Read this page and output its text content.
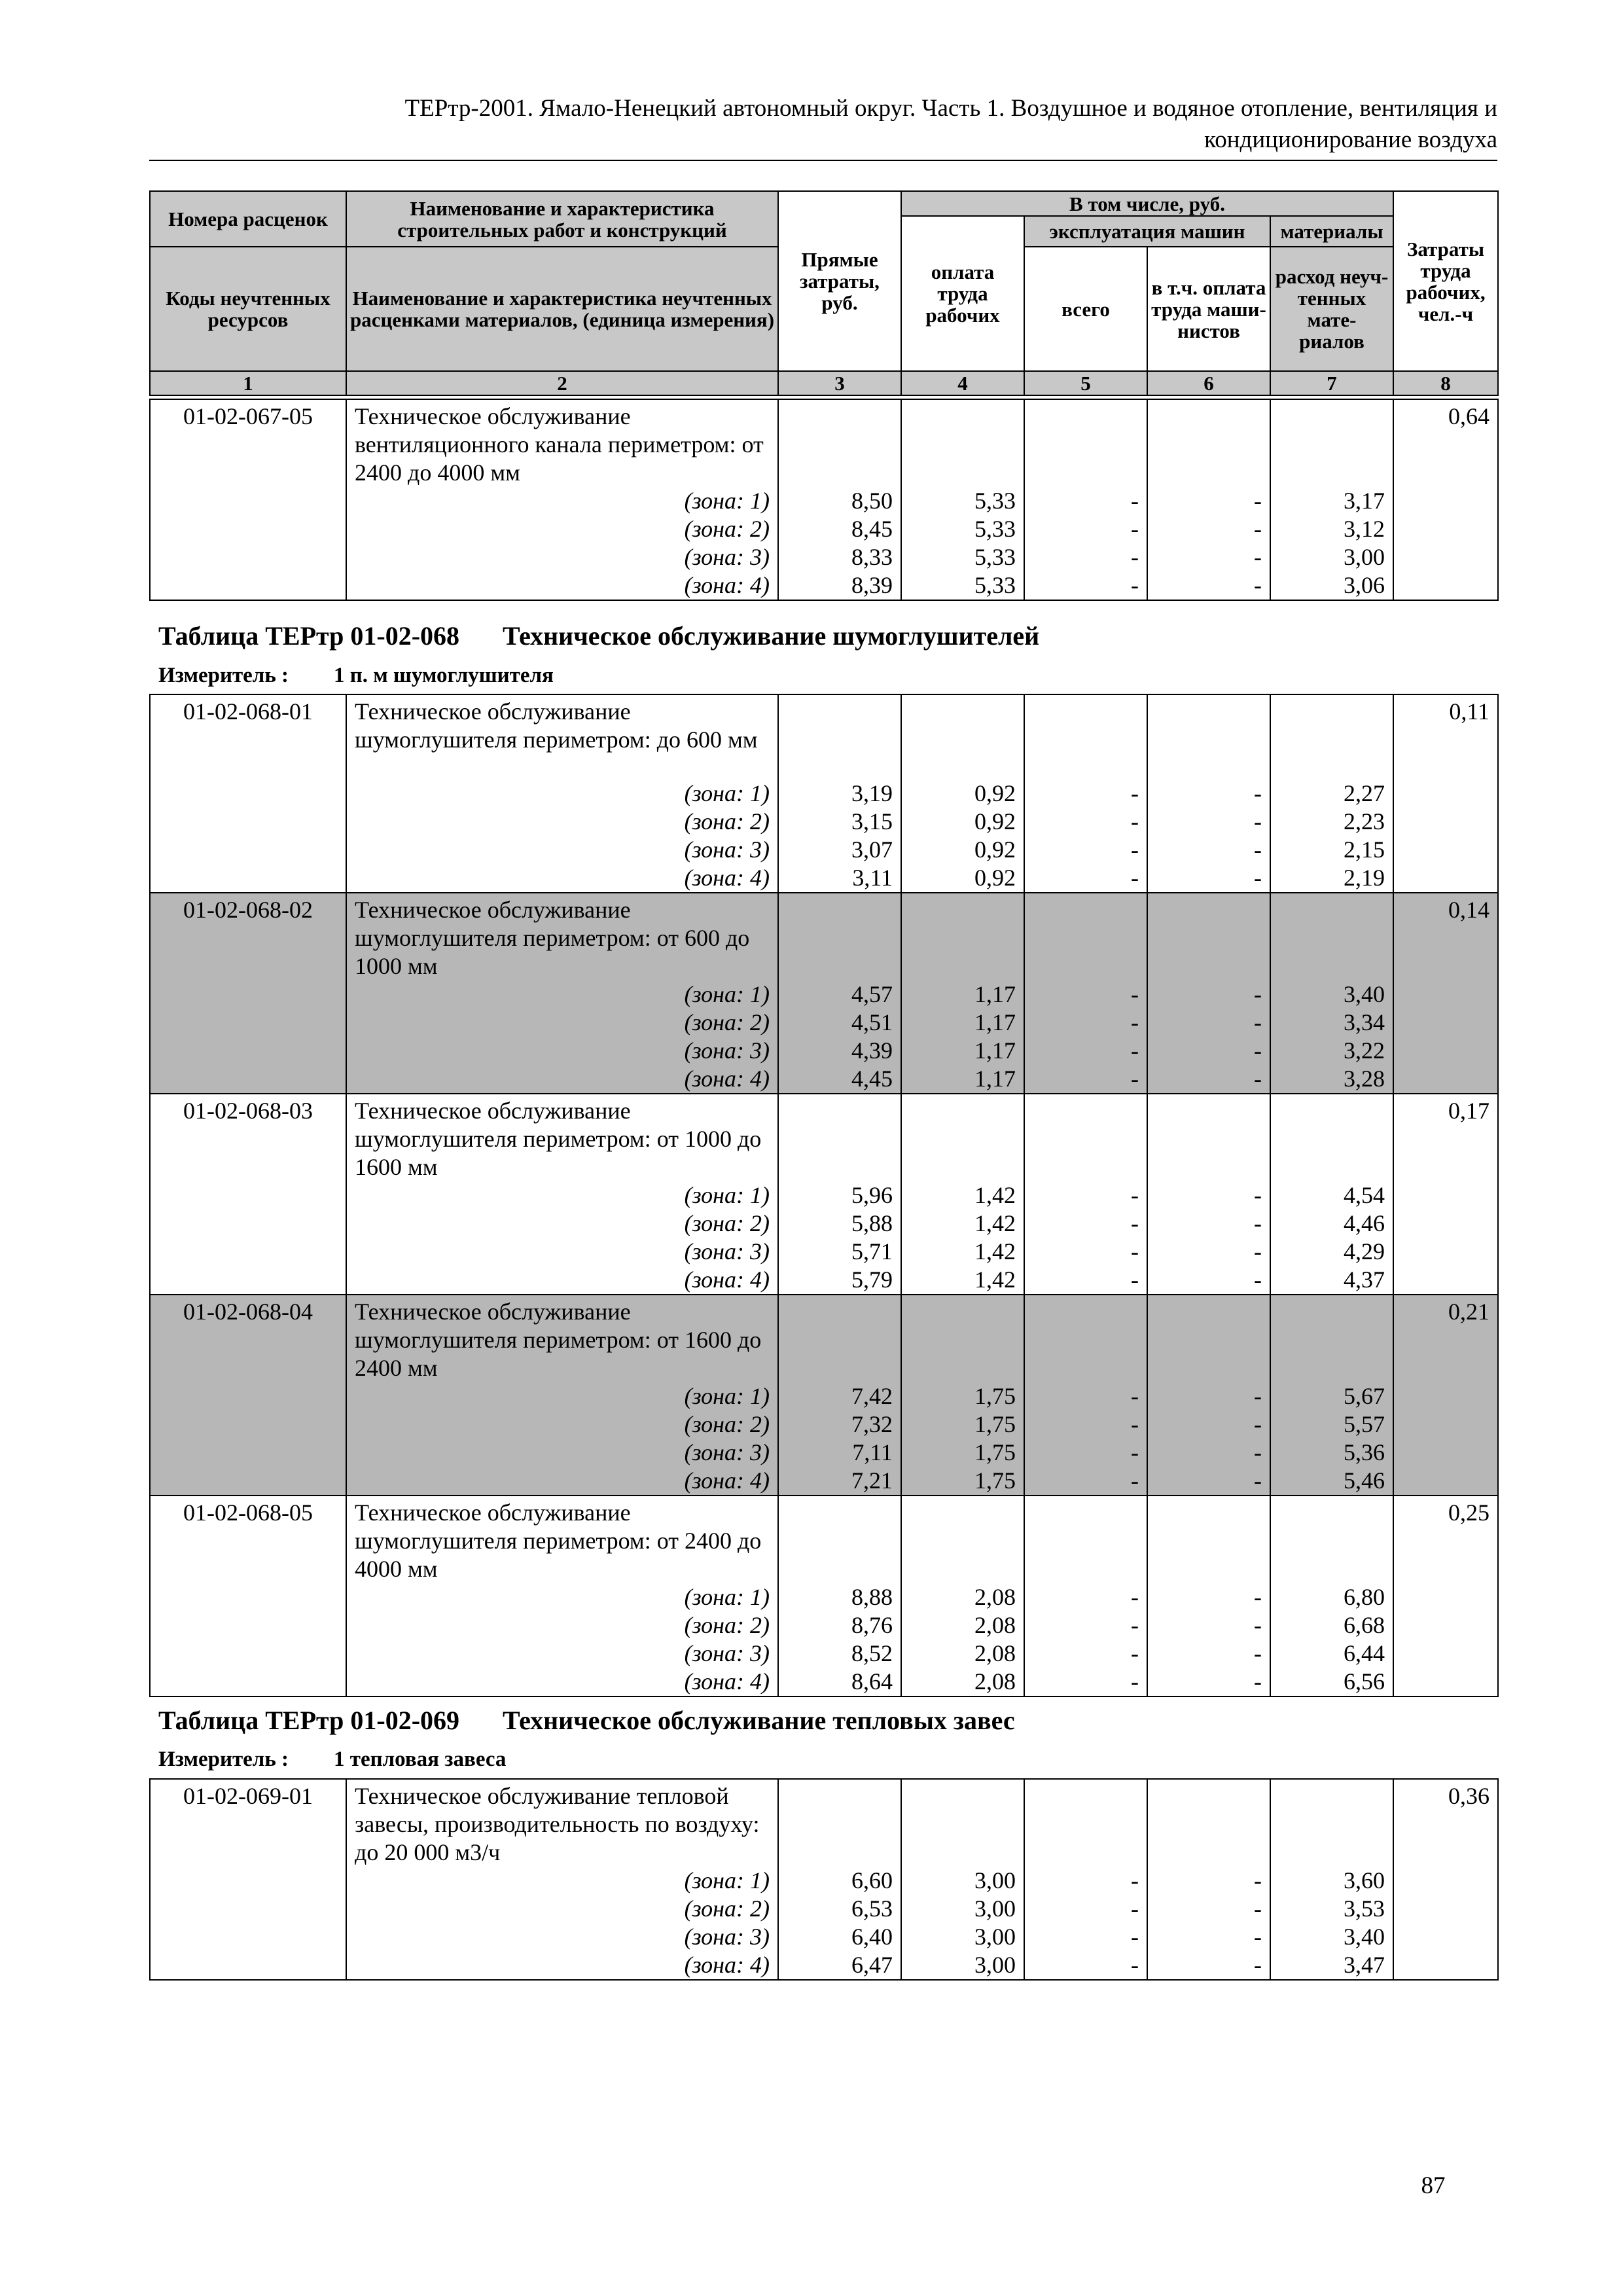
ТЕРтр-2001. Ямало-Ненецкий автономный округ. Часть 1. Воздушное и водяное отопление, вентиляция и
кондиционирование воздуха
Номера расценок	Наименование и характеристика строительных работ и конструкций	Прямые затраты, руб.	В том числе, руб.				Затраты труда рабочих, чел.-ч
			оплата труда рабочих	эксплуатация машин		материалы	
Коды неучтенных ресурсов	Наименование и характеристика неучтенных расценками материалов, (единица измерения)			всего	в т.ч. оплата труда маши- нистов	расход неуч- тенных мате- риалов	
1	2	3	4	5	6	7	8
01-02-067-05	Техническое обслуживание вентиляционного канала периметром: от 2400 до 4000 мм						0,64
	(зона: 1)	8,50	5,33	-	-	3,17	
	(зона: 2)	8,45	5,33	-	-	3,12	
	(зона: 3)	8,33	5,33	-	-	3,00	
	(зона: 4)	8,39	5,33	-	-	3,06	
Таблица ТЕРтр 01-02-068 Техническое обслуживание шумоглушителей
Измеритель : 1 п. м шумоглушителя
01-02-068-01	Техническое обслуживание шумоглушителя периметром: до 600 мм						0,11
	(зона: 1)	3,19	0,92	-	-	2,27	
	(зона: 2)	3,15	0,92	-	-	2,23	
	(зона: 3)	3,07	0,92	-	-	2,15	
	(зона: 4)	3,11	0,92	-	-	2,19	
01-02-068-02	Техническое обслуживание шумоглушителя периметром: от 600 до 1000 мм						0,14
	(зона: 1)	4,57	1,17	-	-	3,40	
	(зона: 2)	4,51	1,17	-	-	3,34	
	(зона: 3)	4,39	1,17	-	-	3,22	
	(зона: 4)	4,45	1,17	-	-	3,28	
01-02-068-03	Техническое обслуживание шумоглушителя периметром: от 1000 до 1600 мм						0,17
	(зона: 1)	5,96	1,42	-	-	4,54	
	(зона: 2)	5,88	1,42	-	-	4,46	
	(зона: 3)	5,71	1,42	-	-	4,29	
	(зона: 4)	5,79	1,42	-	-	4,37	
01-02-068-04	Техническое обслуживание шумоглушителя периметром: от 1600 до 2400 мм						0,21
	(зона: 1)	7,42	1,75	-	-	5,67	
	(зона: 2)	7,32	1,75	-	-	5,57	
	(зона: 3)	7,11	1,75	-	-	5,36	
	(зона: 4)	7,21	1,75	-	-	5,46	
01-02-068-05	Техническое обслуживание шумоглушителя периметром: от 2400 до 4000 мм						0,25
	(зона: 1)	8,88	2,08	-	-	6,80	
	(зона: 2)	8,76	2,08	-	-	6,68	
	(зона: 3)	8,52	2,08	-	-	6,44	
	(зона: 4)	8,64	2,08	-	-	6,56	
Таблица ТЕРтр 01-02-069 Техническое обслуживание тепловых завес
Измеритель : 1 тепловая завеса
01-02-069-01	Техническое обслуживание тепловой завесы, производительность по воздуху: до 20 000 м3/ч						0,36
	(зона: 1)	6,60	3,00	-	-	3,60	
	(зона: 2)	6,53	3,00	-	-	3,53	
	(зона: 3)	6,40	3,00	-	-	3,40	
	(зона: 4)	6,47	3,00	-	-	3,47	
87
